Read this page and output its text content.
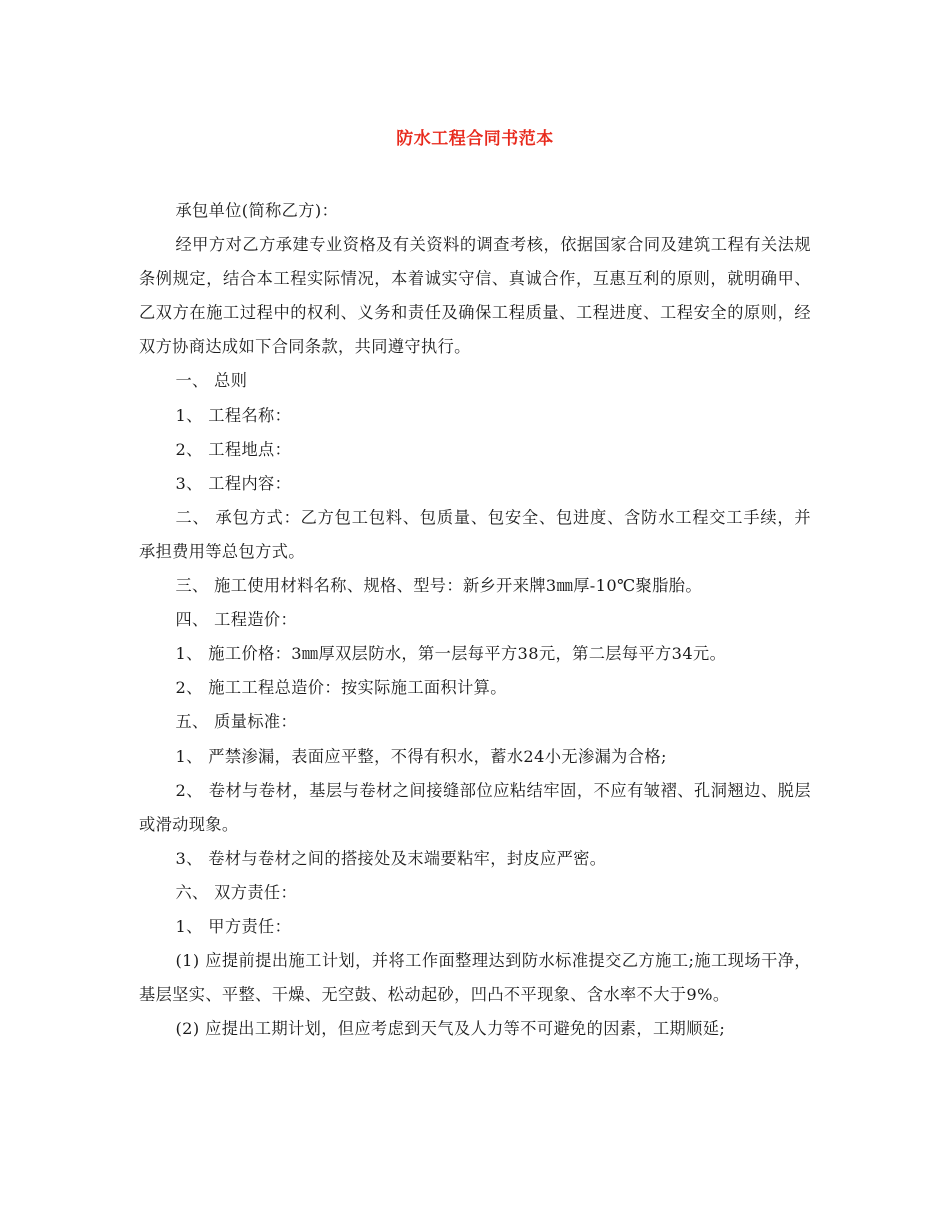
防水工程合同书范本

承包单位(简称乙方)：

经甲方对乙方承建专业资格及有关资料的调查考核，依据国家合同及建筑工程有关法规条例规定，结合本工程实际情况，本着诚实守信、真诚合作，互惠互利的原则，就明确甲、乙双方在施工过程中的权利、义务和责任及确保工程质量、工程进度、工程安全的原则，经双方协商达成如下合同条款，共同遵守执行。

一、 总则

1、 工程名称：

2、 工程地点：

3、 工程内容：

二、 承包方式：乙方包工包料、包质量、包安全、包进度、含防水工程交工手续，并承担费用等总包方式。

三、 施工使用材料名称、规格、型号：新乡开来牌3㎜厚-10℃聚脂胎。

四、 工程造价：

1、 施工价格：3㎜厚双层防水，第一层每平方38元，第二层每平方34元。

2、 施工工程总造价：按实际施工面积计算。

五、 质量标准：

1、 严禁渗漏，表面应平整，不得有积水，蓄水24小无渗漏为合格;

2、 卷材与卷材，基层与卷材之间接缝部位应粘结牢固，不应有皱褶、孔洞翘边、脱层或滑动现象。

3、 卷材与卷材之间的搭接处及末端要粘牢，封皮应严密。

六、 双方责任：

1、 甲方责任：

(1) 应提前提出施工计划，并将工作面整理达到防水标准提交乙方施工;施工现场干净，基层坚实、平整、干燥、无空鼓、松动起砂，凹凸不平现象、含水率不大于9%。

(2) 应提出工期计划，但应考虑到天气及人力等不可避免的因素，工期顺延;
